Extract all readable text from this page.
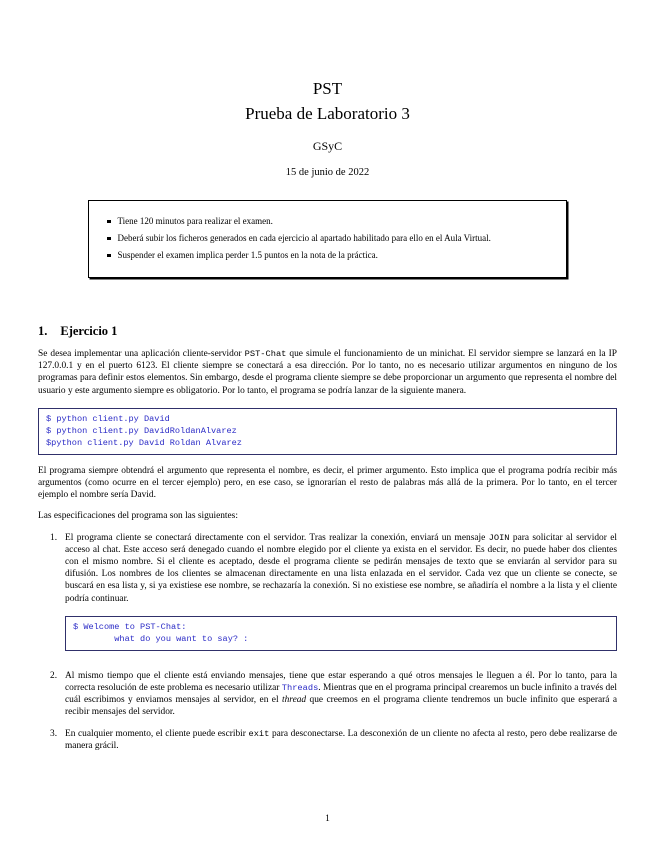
PST
Prueba de Laboratorio 3
GSyC
15 de junio de 2022
Tiene 120 minutos para realizar el examen.
Deberá subir los ficheros generados en cada ejercicio al apartado habilitado para ello en el Aula Virtual.
Suspender el examen implica perder 1.5 puntos en la nota de la práctica.
1. Ejercicio 1
Se desea implementar una aplicación cliente-servidor PST-Chat que simule el funcionamiento de un minichat. El servidor siempre se lanzará en la IP 127.0.0.1 y en el puerto 6123. El cliente siempre se conectará a esa dirección. Por lo tanto, no es necesario utilizar argumentos en ninguno de los programas para definir estos elementos. Sin embargo, desde el programa cliente siempre se debe proporcionar un argumento que representa el nombre del usuario y este argumento siempre es obligatorio. Por lo tanto, el programa se podría lanzar de la siguiente manera.
$ python client.py David
$ python client.py DavidRoldanAlvarez
$python client.py David Roldan Alvarez
El programa siempre obtendrá el argumento que representa el nombre, es decir, el primer argumento. Esto implica que el programa podría recibir más argumentos (como ocurre en el tercer ejemplo) pero, en ese caso, se ignorarían el resto de palabras más allá de la primera. Por lo tanto, en el tercer ejemplo el nombre sería David.
Las especificaciones del programa son las siguientes:
1. El programa cliente se conectará directamente con el servidor. Tras realizar la conexión, enviará un mensaje JOIN para solicitar al servidor el acceso al chat. Este acceso será denegado cuando el nombre elegido por el cliente ya exista en el servidor. Es decir, no puede haber dos clientes con el mismo nombre. Si el cliente es aceptado, desde el programa cliente se pedirán mensajes de texto que se enviarán al servidor para su difusión. Los nombres de los clientes se almacenan directamente en una lista enlazada en el servidor. Cada vez que un cliente se conecte, se buscará en esa lista y, si ya existiese ese nombre, se rechazaría la conexión. Si no existiese ese nombre, se añadiría el nombre a la lista y el cliente podría continuar.
$ Welcome to PST-Chat:
what do you want to say? :
2. Al mismo tiempo que el cliente está enviando mensajes, tiene que estar esperando a qué otros mensajes le lleguen a él. Por lo tanto, para la correcta resolución de este problema es necesario utilizar Threads. Mientras que en el programa principal crearemos un bucle infinito a través del cuál escribimos y enviamos mensajes al servidor, en el thread que creemos en el programa cliente tendremos un bucle infinito que esperará a recibir mensajes del servidor.
3. En cualquier momento, el cliente puede escribir exit para desconectarse. La desconexión de un cliente no afecta al resto, pero debe realizarse de manera grácil.
1
